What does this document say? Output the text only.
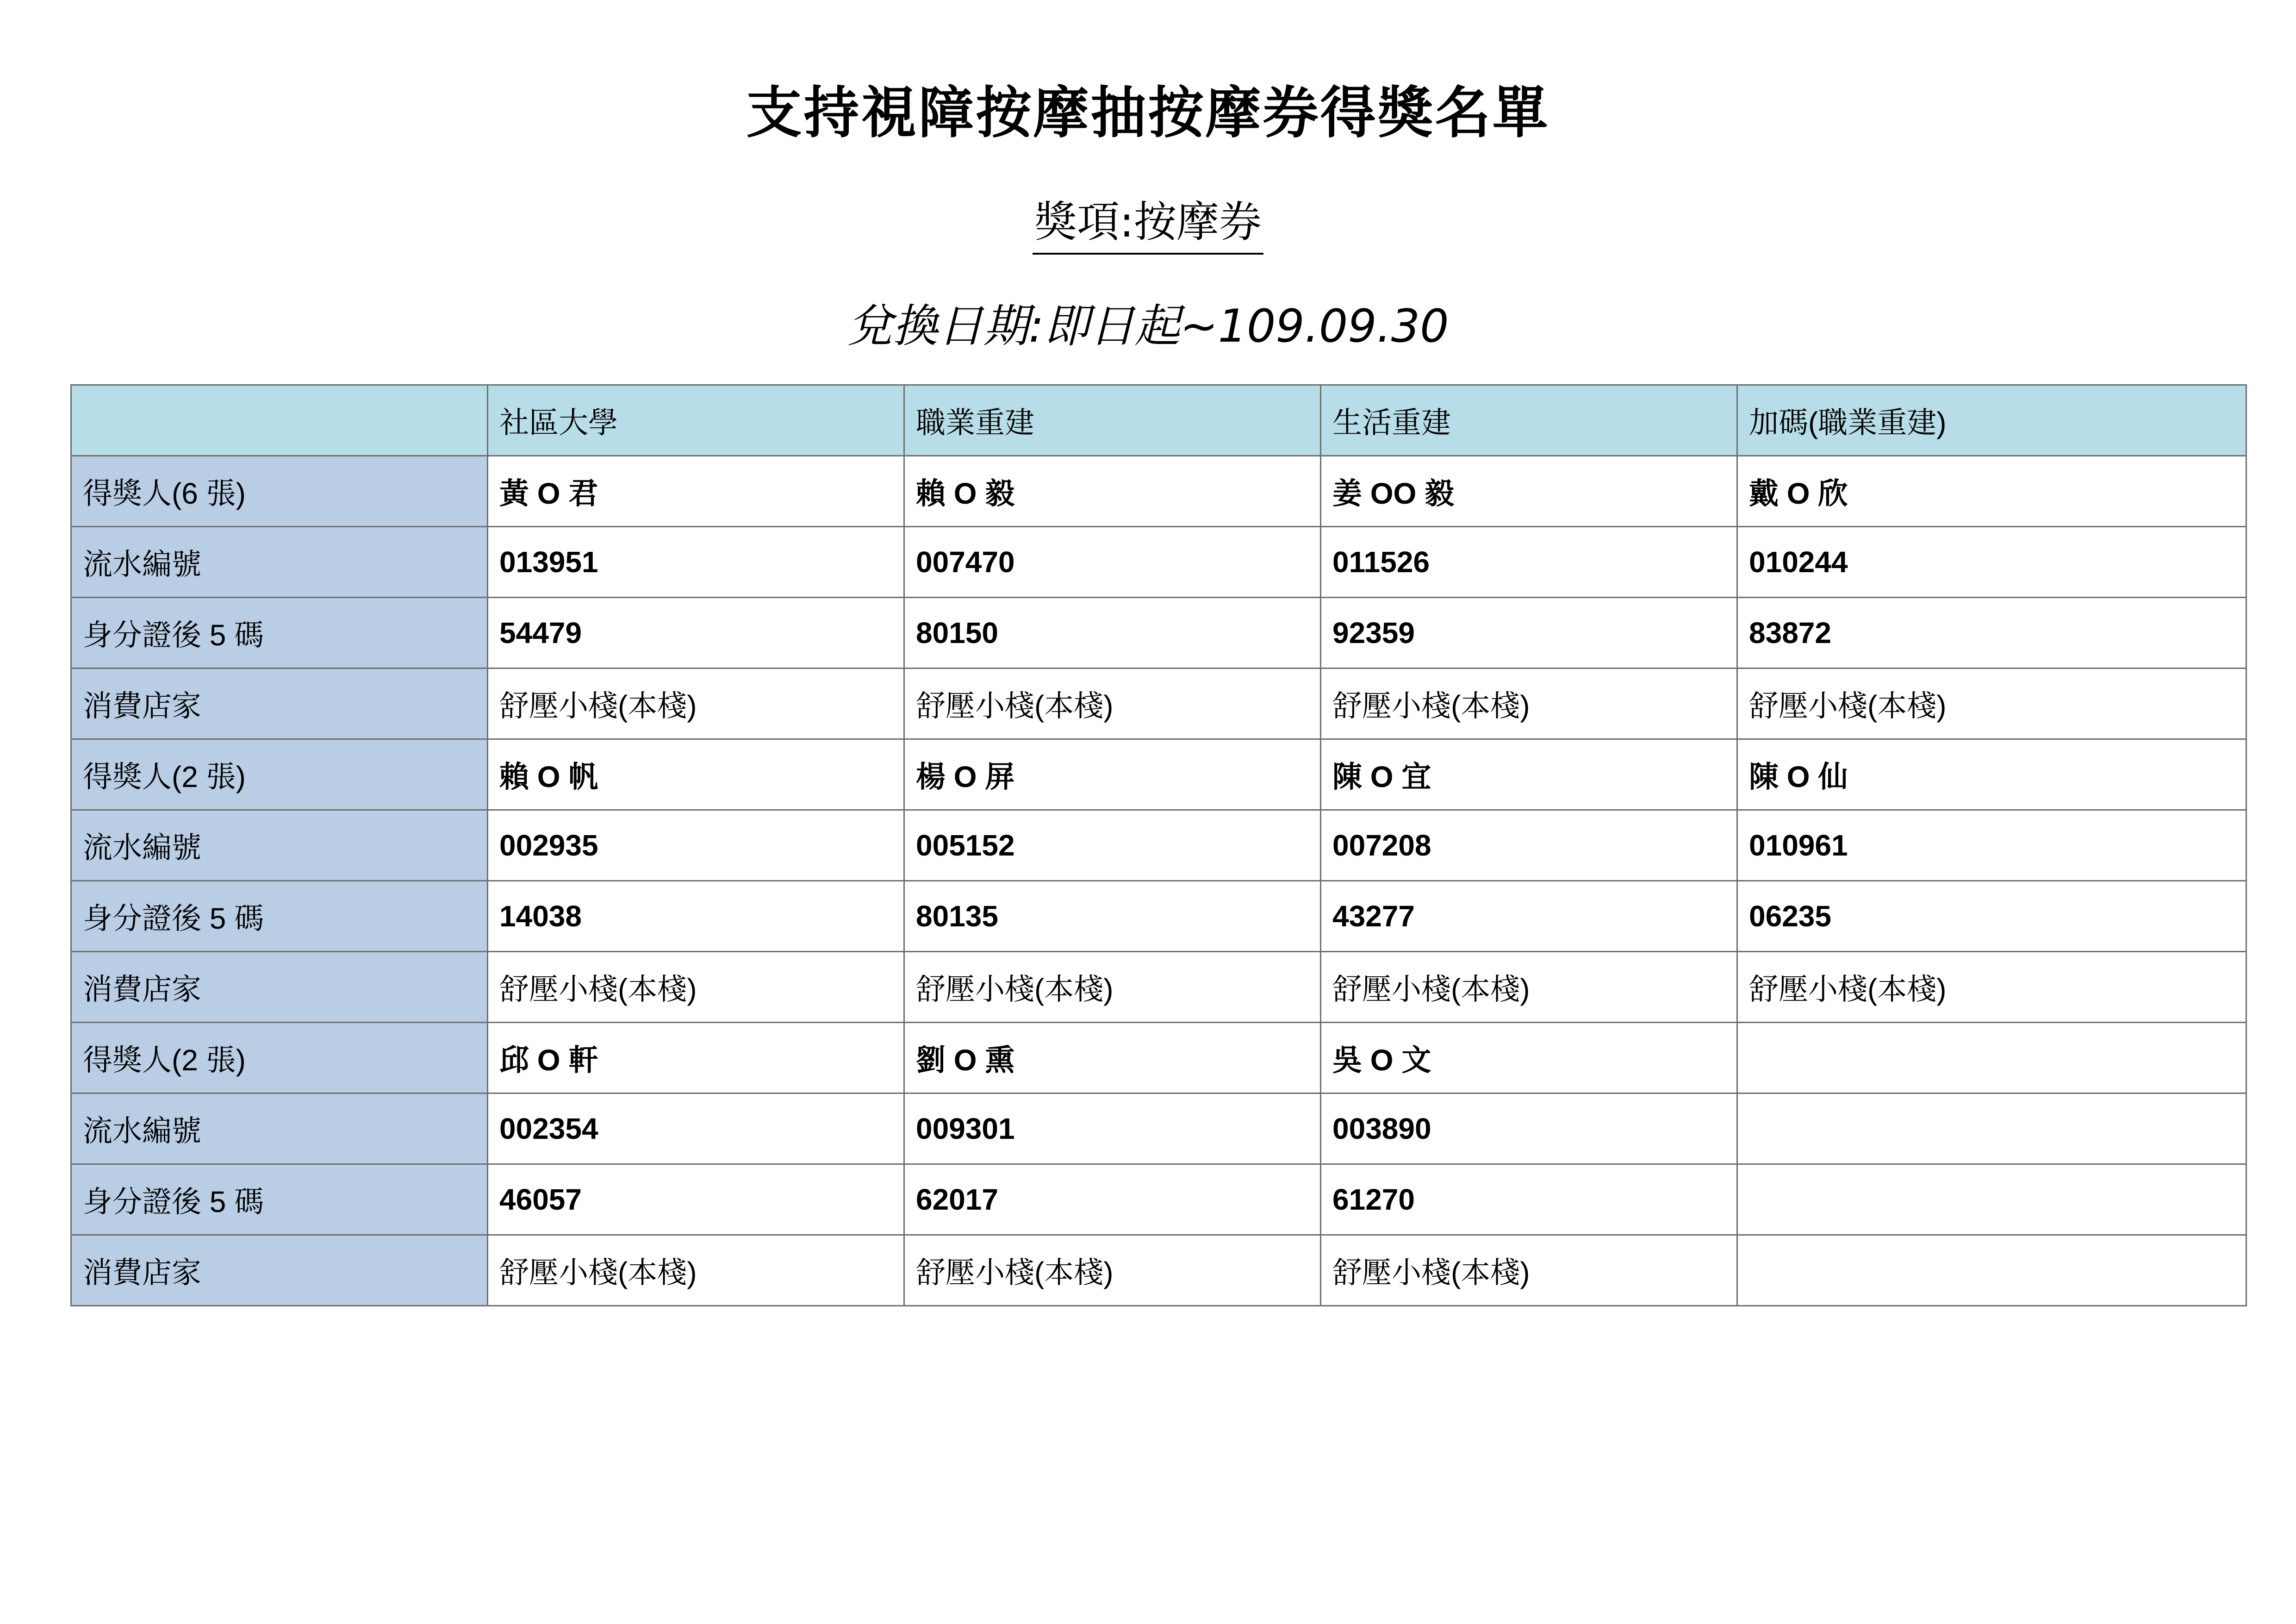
支持視障按摩抽按摩券得獎名單
獎項:按摩券
兌換日期:即日起~109.09.30
	社區大學	職業重建	生活重建	加碼(職業重建)
得獎人(6 張)	黃 O 君	賴 O 毅	姜 OO 毅	戴 O 欣
流水編號	013951	007470	011526	010244
身分證後 5 碼	54479	80150	92359	83872
消費店家	舒壓小棧(本棧)	舒壓小棧(本棧)	舒壓小棧(本棧)	舒壓小棧(本棧)
得獎人(2 張)	賴 O 帆	楊 O 屏	陳 O 宜	陳 O 仙
流水編號	002935	005152	007208	010961
身分證後 5 碼	14038	80135	43277	06235
消費店家	舒壓小棧(本棧)	舒壓小棧(本棧)	舒壓小棧(本棧)	舒壓小棧(本棧)
得獎人(2 張)	邱 O 軒	劉 O 熏	吳 O 文	
流水編號	002354	009301	003890	
身分證後 5 碼	46057	62017	61270	
消費店家	舒壓小棧(本棧)	舒壓小棧(本棧)	舒壓小棧(本棧)	
